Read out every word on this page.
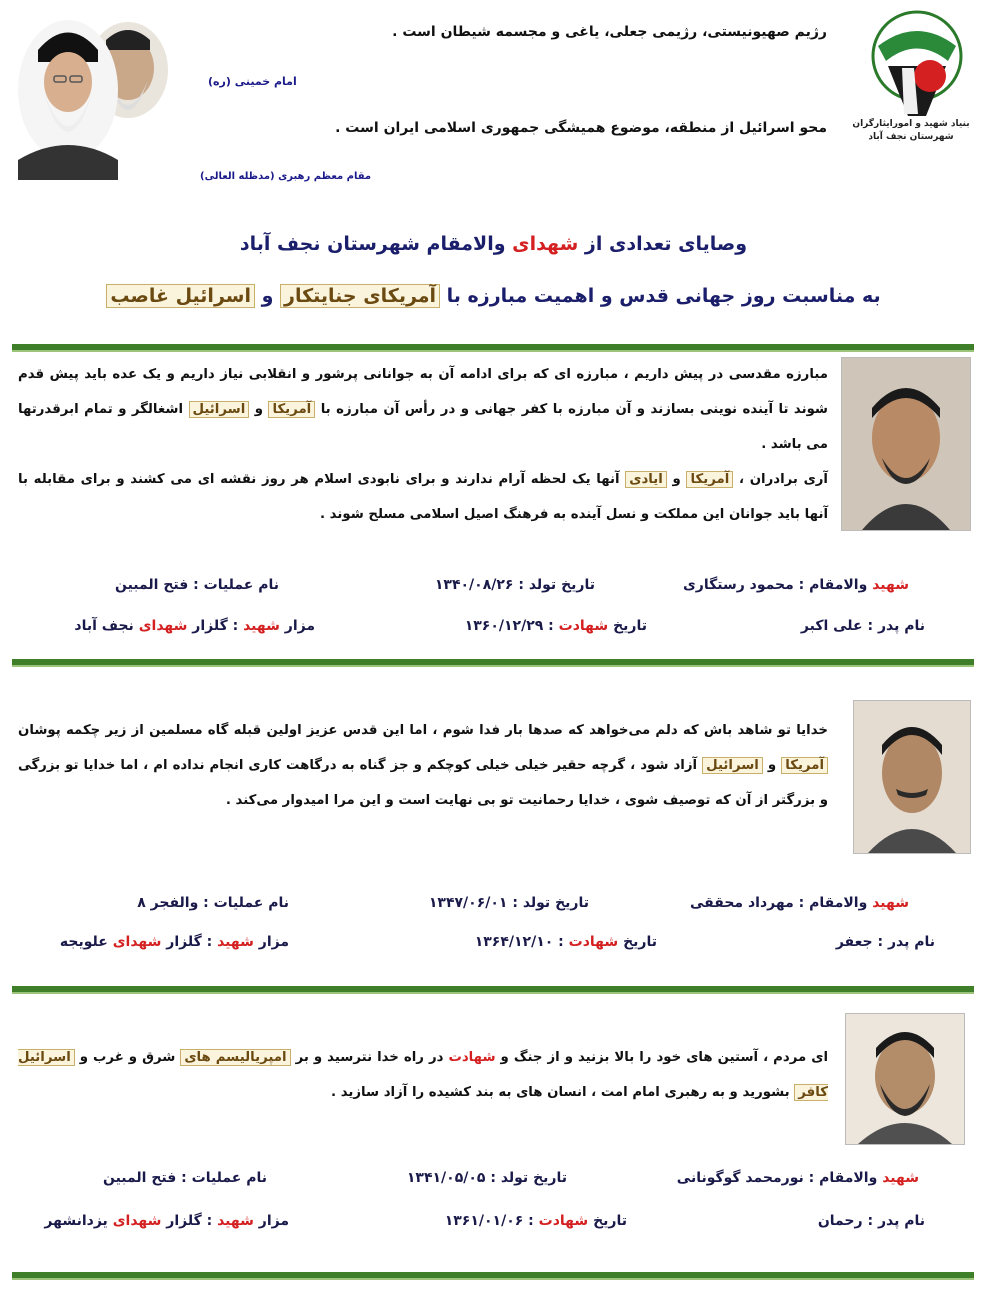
بنیاد شهید و امورایثارگران
شهرستان نجف آباد
رژیم صهیونیستی، رژیمی جعلی، یاغی و مجسمه شیطان است .
امام خمینی (ره)
محو اسرائیل از منطقه، موضوع همیشگی جمهوری اسلامی ایران است .
مقام معظم رهبری (مدظله العالی)
وصایای تعدادی از شهدای والامقام شهرستان نجف آباد
به مناسبت روز جهانی قدس و اهمیت مبارزه با آمریکای جنایتکار و اسرائیل غاصب
مبارزه مقدسی در پیش داریم ، مبارزه ای که برای ادامه آن به جوانانی پرشور و انقلابی نیاز داریم و یک عده باید پیش قدم شوند تا آینده نوینی بسازند و آن مبارزه با کفر جهانی و در رأس آن مبارزه با آمریکا و اسرائیل اشغالگر و تمام ابرقدرتها می باشد .
آری برادران ، آمریکا و ایادی آنها یک لحظه آرام ندارند و برای نابودی اسلام هر روز نقشه ای می کشند و برای مقابله با آنها باید جوانان این مملکت و نسل آینده به فرهنگ اصیل اسلامی مسلح شوند .
شهید والامقام : محمود رستگاری
تاریخ تولد : ۱۳۴۰/۰۸/۲۶
نام عملیات : فتح المبین
نام پدر : علی اکبر
تاریخ شهادت : ۱۳۶۰/۱۲/۲۹
مزار شهید : گلزار شهدای نجف آباد
خدایا تو شاهد باش که دلم می‌خواهد که صدها بار فدا شوم ، اما این قدس عزیز اولین قبله گاه مسلمین از زیر چکمه پوشان آمریکا و اسرائیل آزاد شود ، گرچه حقیر خیلی خیلی کوچکم و جز گناه به درگاهت کاری انجام نداده ام ، اما خدایا تو بزرگی و بزرگتر از آن که توصیف شوی ، خدایا رحمانیت تو بی نهایت است و این مرا امیدوار می‌کند .
شهید والامقام : مهرداد محققی
تاریخ تولد : ۱۳۴۷/۰۶/۰۱
نام عملیات : والفجر ۸
نام پدر : جعفر
تاریخ شهادت : ۱۳۶۴/۱۲/۱۰
مزار شهید : گلزار شهدای علویجه
ای مردم ، آستین های خود را بالا بزنید و از جنگ و شهادت در راه خدا نترسید و بر امپریالیسم های شرق و غرب و اسرائیل کافر بشورید و به رهبری امام امت ، انسان های به بند کشیده را آزاد سازید .
شهید والامقام : نورمحمد گوگونانی
تاریخ تولد : ۱۳۴۱/۰۵/۰۵
نام عملیات : فتح المبین
نام پدر : رحمان
تاریخ شهادت : ۱۳۶۱/۰۱/۰۶
مزار شهید : گلزار شهدای یزدانشهر
